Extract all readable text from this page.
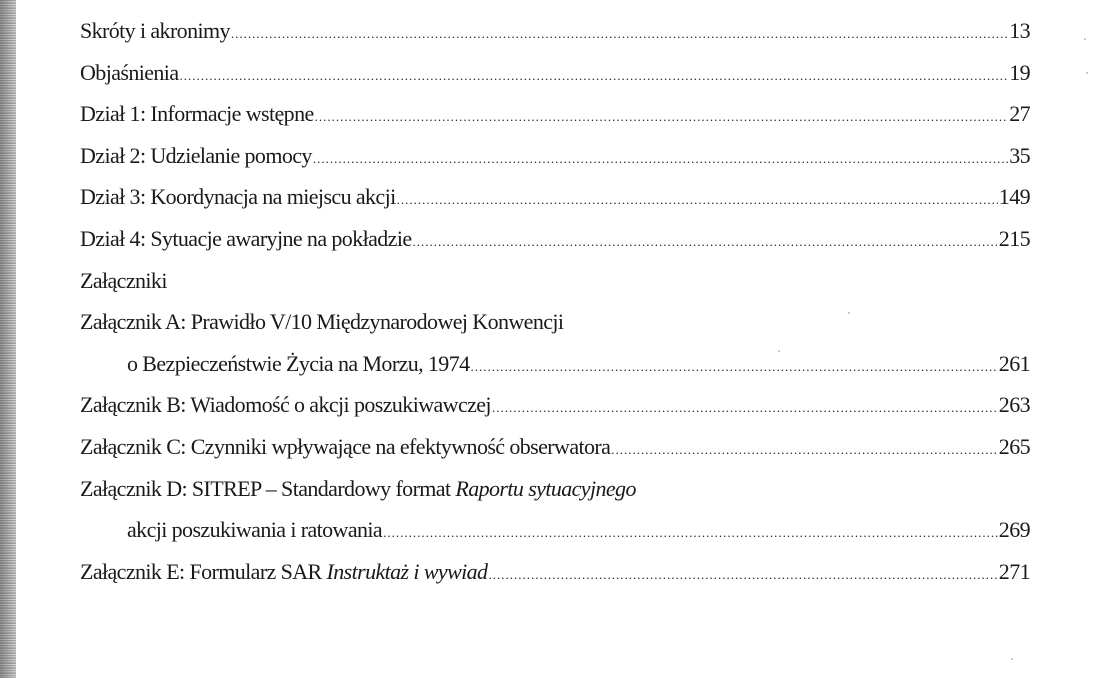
Skróty i akronimy .....	13
Objaśnienia .....	19
Dział 1: Informacje wstępne .....	27
Dział 2: Udzielanie pomocy .....	35
Dział 3: Koordynacja na miejscu akcji .....	149
Dział 4: Sytuacje awaryjne na pokładzie .....	215
Załączniki
Załącznik A: Prawidło V/10 Międzynarodowej Konwencji
o Bezpieczeństwie Życia na Morzu, 1974 .....	261
Załącznik B: Wiadomość o akcji poszukiwawczej .....	263
Załącznik C: Czynniki wpływające na efektywność obserwatora .....	265
Załącznik D: SITREP – Standardowy format Raportu sytuacyjnego
akcji poszukiwania i ratowania .....	269
Załącznik E: Formularz SAR Instruktaż i wywiad .....	271
